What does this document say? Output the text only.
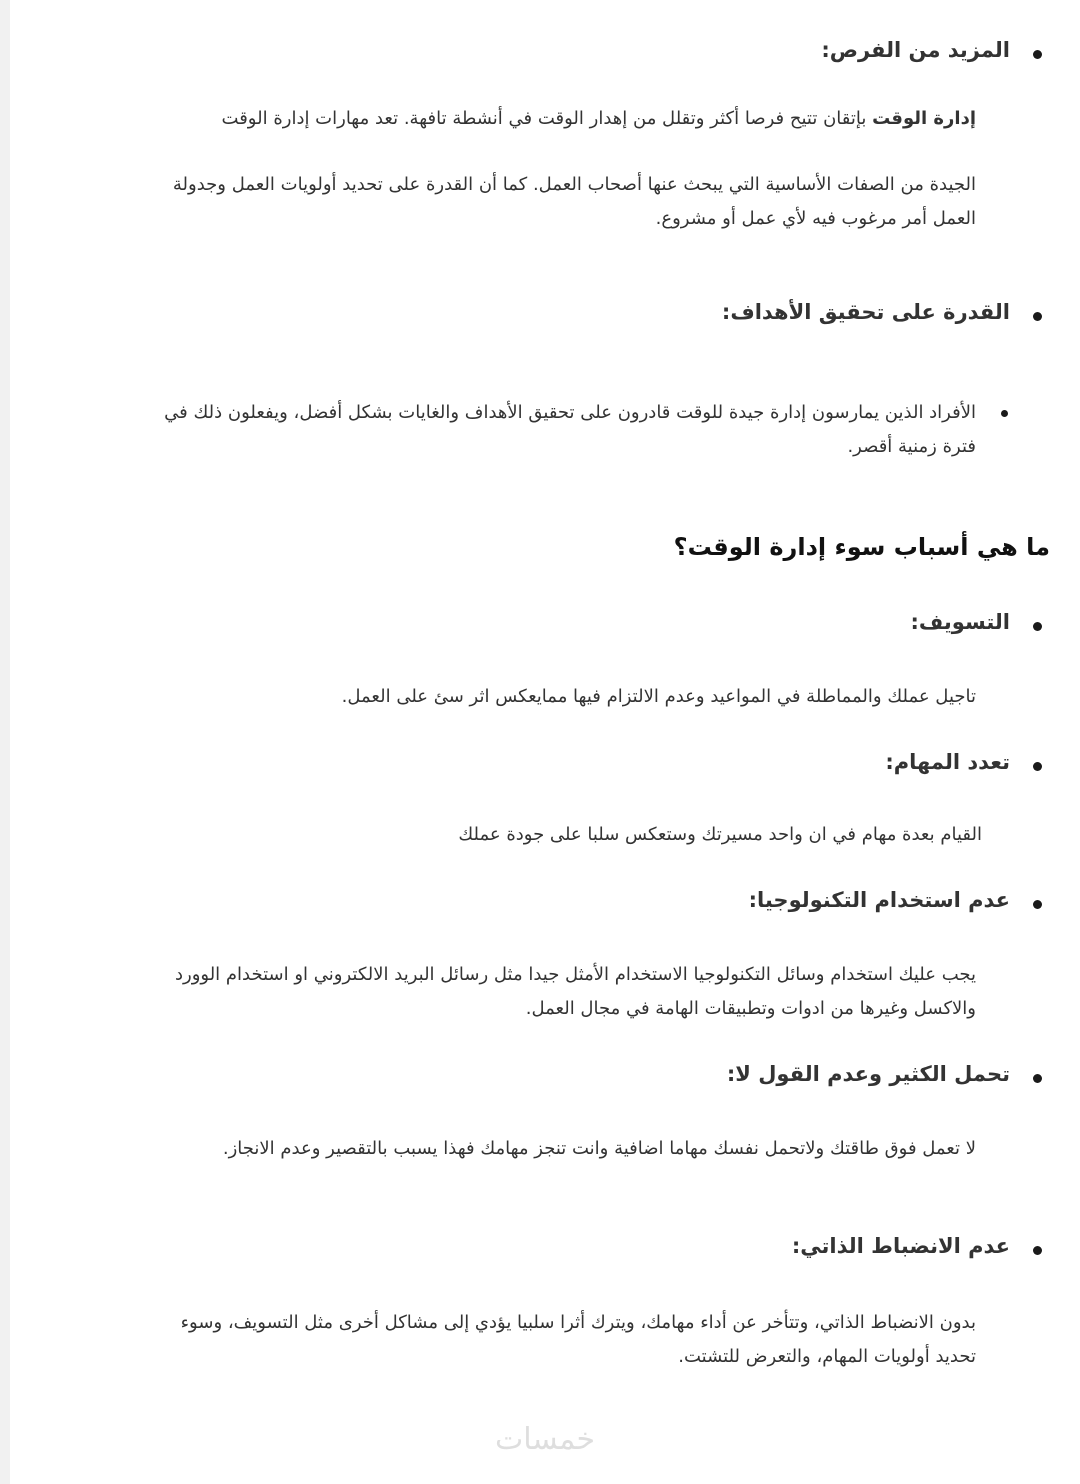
المزيد من الفرص:

إدارة الوقت بإتقان تتيح فرصا أكثر وتقلل من إهدار الوقت في أنشطة تافهة. تعد مهارات إدارة الوقت

الجيدة من الصفات الأساسية التي يبحث عنها أصحاب العمل. كما أن القدرة على تحديد أولويات العمل وجدولة العمل أمر مرغوب فيه لأي عمل أو مشروع.

القدرة على تحقيق الأهداف:
الأفراد الذين يمارسون إدارة جيدة للوقت قادرون على تحقيق الأهداف والغايات بشكل أفضل، ويفعلون ذلك في فترة زمنية أقصر.
ما هي أسباب سوء إدارة الوقت؟
التسويف:

تاجيل عملك والمماطلة في المواعيد وعدم الالتزام فيها ممايعكس اثر سئ على العمل.

تعدد المهام:

القيام بعدة مهام في ان واحد مسيرتك وستعكس سلبا على جودة عملك

عدم استخدام التكنولوجيا:

يجب عليك استخدام وسائل التكنولوجيا الاستخدام الأمثل جيدا مثل رسائل البريد الالكتروني او استخدام الوورد والاكسل وغيرها من ادوات وتطبيقات الهامة في مجال العمل.

تحمل الكثير وعدم القول لا:

لا تعمل فوق طاقتك ولاتحمل نفسك مهاما اضافية وانت تنجز مهامك فهذا يسبب بالتقصير وعدم الانجاز.

عدم الانضباط الذاتي:

بدون الانضباط الذاتي، وتتأخر عن أداء مهامك، ويترك أثرا سلبيا يؤدي إلى مشاكل أخرى مثل التسويف، وسوء تحديد أولويات المهام، والتعرض للتشتت.

خمسات
